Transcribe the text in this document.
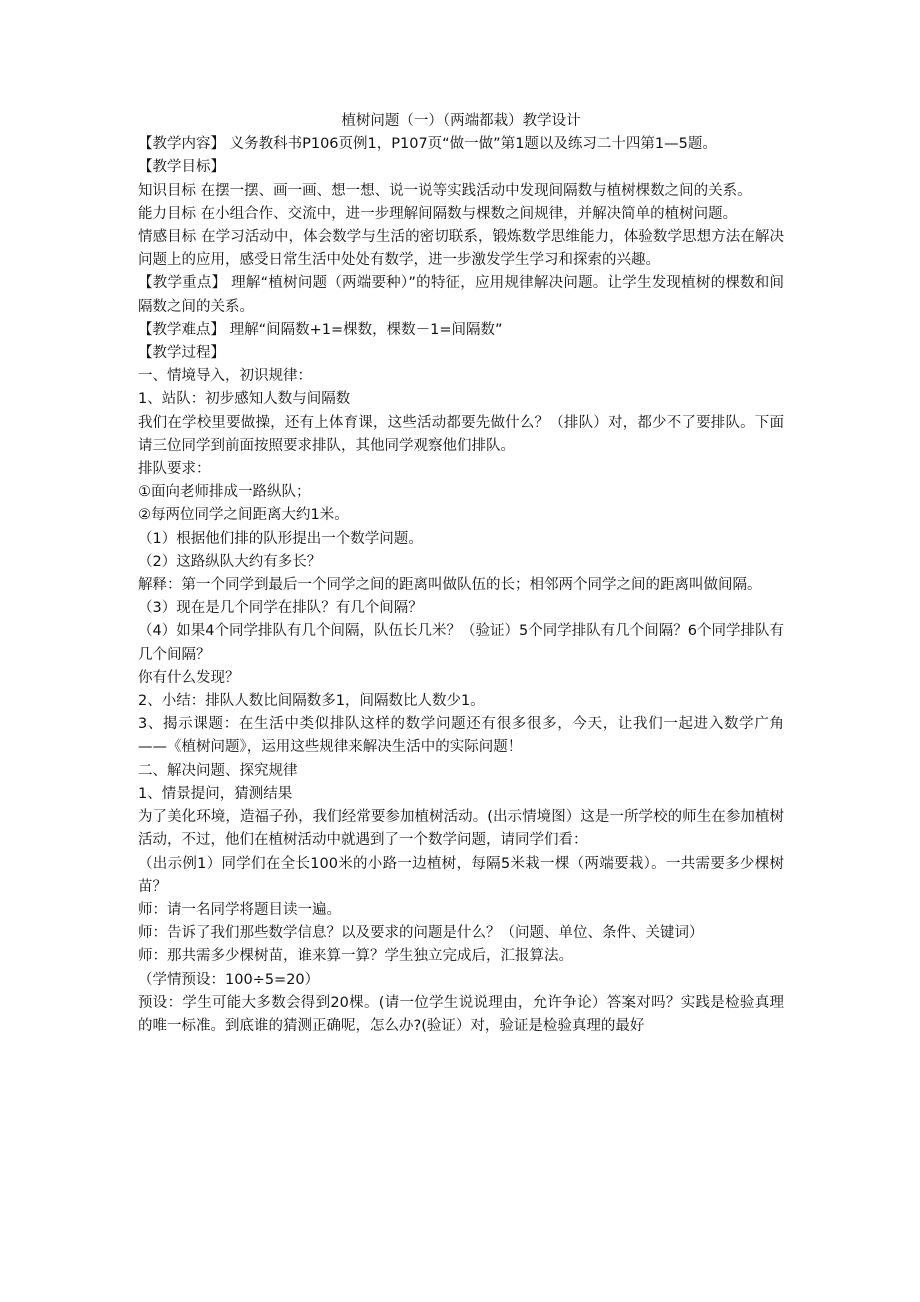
植树问题（一）（两端都栽）教学设计

【教学内容】 义务教科书P106页例1，P107页“做一做”第1题以及练习二十四第1—5题。

【教学目标】

知识目标 在摆一摆、画一画、想一想、说一说等实践活动中发现间隔数与植树棵数之间的关系。

能力目标 在小组合作、交流中，进一步理解间隔数与棵数之间规律，并解决简单的植树问题。

情感目标 在学习活动中，体会数学与生活的密切联系，锻炼数学思维能力，体验数学思想方法在解决问题上的应用，感受日常生活中处处有数学，进一步激发学生学习和探索的兴趣。

【教学重点】 理解“植树问题（两端要种）”的特征，应用规律解决问题。让学生发现植树的棵数和间隔数之间的关系。

【教学难点】 理解“间隔数+1=棵数，棵数－1=间隔数”

【教学过程】

一、情境导入，初识规律：

1、站队：初步感知人数与间隔数

我们在学校里要做操，还有上体育课，这些活动都要先做什么？（排队）对，都少不了要排队。下面请三位同学到前面按照要求排队，其他同学观察他们排队。

排队要求：

①面向老师排成一路纵队；

②每两位同学之间距离大约1米。

（1）根据他们排的队形提出一个数学问题。

（2）这路纵队大约有多长？

解释：第一个同学到最后一个同学之间的距离叫做队伍的长；相邻两个同学之间的距离叫做间隔。

（3）现在是几个同学在排队？有几个间隔？

（4）如果4个同学排队有几个间隔，队伍长几米？（验证）5个同学排队有几个间隔？6个同学排队有几个间隔？

你有什么发现？

2、小结：排队人数比间隔数多1，间隔数比人数少1。

3、揭示课题：在生活中类似排队这样的数学问题还有很多很多，今天，让我们一起进入数学广角——《植树问题》，运用这些规律来解决生活中的实际问题！

二、解决问题、探究规律

1、情景提问，猜测结果

为了美化环境，造福子孙，我们经常要参加植树活动。(出示情境图）这是一所学校的师生在参加植树活动，不过，他们在植树活动中就遇到了一个数学问题，请同学们看：

（出示例1）同学们在全长100米的小路一边植树，每隔5米栽一棵（两端要栽）。一共需要多少棵树苗？

师：请一名同学将题目读一遍。

师：告诉了我们那些数学信息？以及要求的问题是什么？（问题、单位、条件、关键词）

师：那共需多少棵树苗，谁来算一算？学生独立完成后，汇报算法。

（学情预设：100÷5=20）

预设：学生可能大多数会得到20棵。(请一位学生说说理由，允许争论）答案对吗？实践是检验真理的唯一标准。到底谁的猜测正确呢，怎么办?(验证）对，验证是检验真理的最好
